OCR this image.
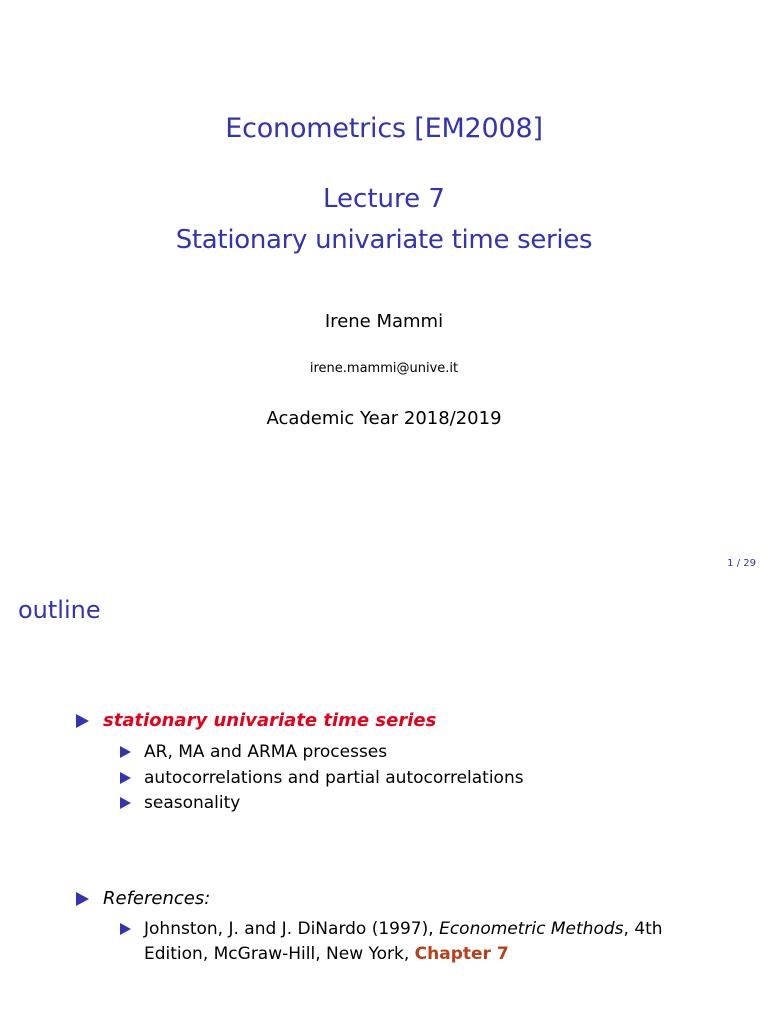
Econometrics [EM2008]
Lecture 7
Stationary univariate time series
Irene Mammi
irene.mammi@unive.it
Academic Year 2018/2019
1 / 29
outline
stationary univariate time series
AR, MA and ARMA processes
autocorrelations and partial autocorrelations
seasonality
References:
Johnston, J. and J. DiNardo (1997), Econometric Methods, 4th
Edition, McGraw-Hill, New York, Chapter 7
